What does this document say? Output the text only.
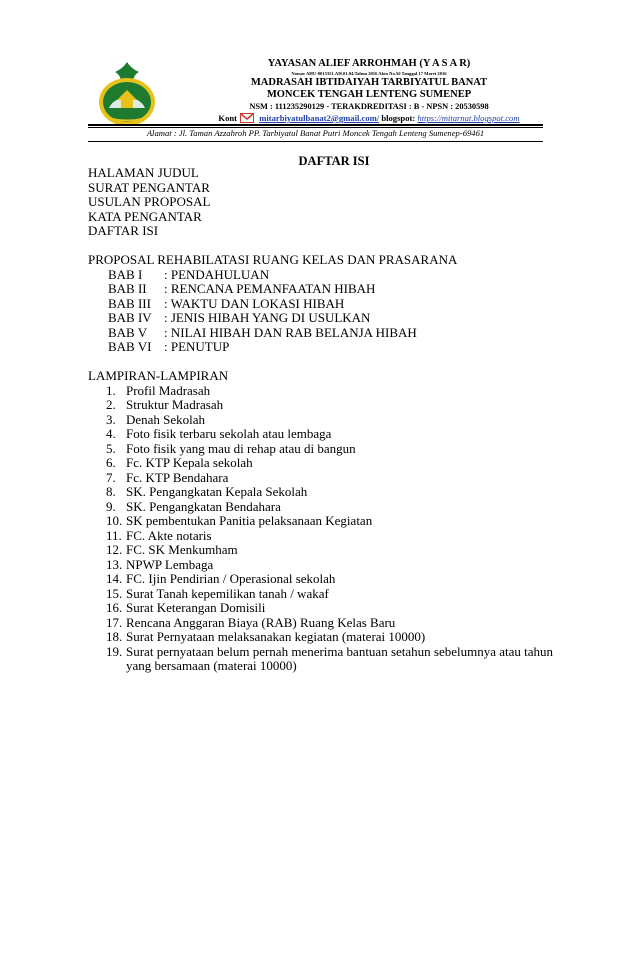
YAYASAN ALIEF ARROHMAH (Y A S A R)
Nomor AHU-0015351.AH.01.04.Tahun 2016 Akta No.56 Tanggal 17 Maret 2016
MADRASAH IBTIDAIYAH TARBIYATUL BANAT
MONCEK TENGAH LENTENG SUMENEP
NSM : 111235290129 - TERAKDREDITASI : B - NPSN : 20530598
Kont	mitarbiyatulbanat2@gmail.com/ blogspot: https://mitarnat.blogspot.com
Alamat : Jl. Taman Azzahroh PP. Tarbiyatul Banat Putri Moncek Tengah Lenteng Sumenep-69461
DAFTAR ISI
HALAMAN JUDUL
SURAT PENGANTAR
USULAN PROPOSAL
KATA PENGANTAR
DAFTAR ISI
PROPOSAL REHABILATASI RUANG KELAS DAN PRASARANA
BAB I	: PENDAHULUAN
BAB II	: RENCANA PEMANFAATAN HIBAH
BAB III	: WAKTU DAN LOKASI HIBAH
BAB IV : JENIS HIBAH YANG DI USULKAN
BAB V	: NILAI HIBAH DAN RAB BELANJA HIBAH
BAB VI : PENUTUP
LAMPIRAN-LAMPIRAN
1. Profil Madrasah
2. Struktur Madrasah
3. Denah Sekolah
4. Foto fisik terbaru sekolah atau lembaga
5. Foto fisik yang mau di rehap atau di bangun
6. Fc. KTP Kepala sekolah
7. Fc. KTP Bendahara
8. SK. Pengangkatan Kepala Sekolah
9. SK. Pengangkatan Bendahara
10. SK pembentukan Panitia pelaksanaan Kegiatan
11. FC. Akte notaris
12. FC. SK Menkumham
13. NPWP Lembaga
14. FC. Ijin Pendirian / Operasional sekolah
15. Surat Tanah kepemilikan tanah / wakaf
16. Surat Keterangan Domisili
17. Rencana Anggaran Biaya (RAB) Ruang Kelas Baru
18. Surat Pernyataan melaksanakan kegiatan (materai 10000)
19. Surat pernyataan belum pernah menerima bantuan setahun sebelumnya atau tahun yang bersamaan (materai 10000)
